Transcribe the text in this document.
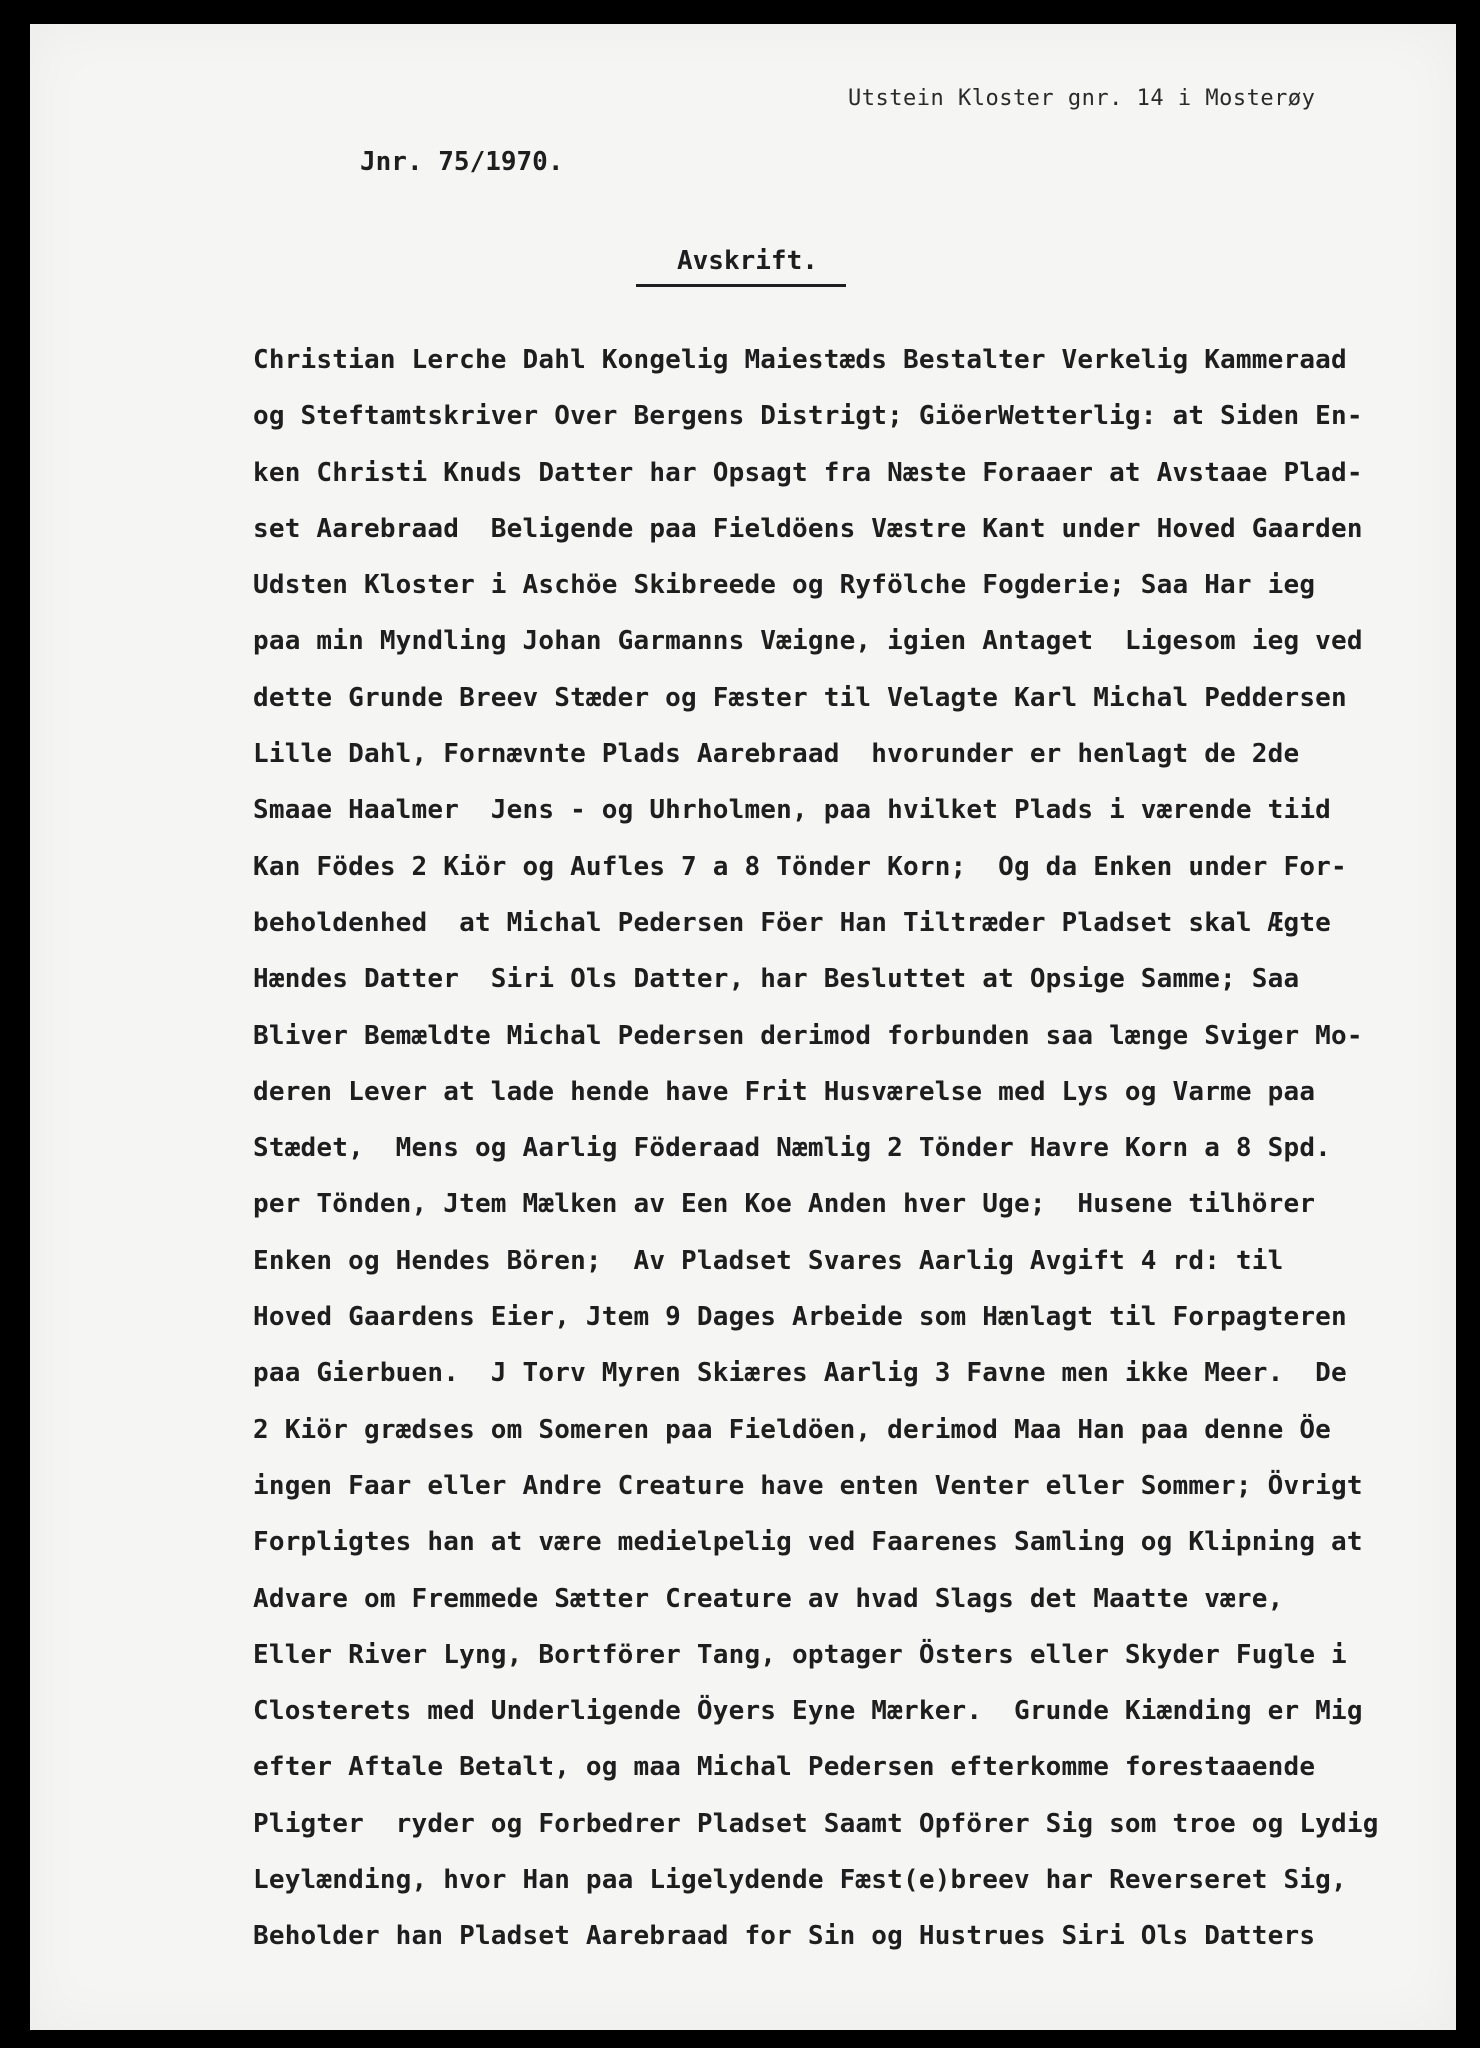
Utstein Kloster gnr. 14 i Mosterøy
Jnr. 75/1970.
Avskrift.
Christian Lerche Dahl Kongelig Maiestæds Bestalter Verkelig Kammeraad
og Steftamtskriver Over Bergens Distrigt; GiöerWetterlig: at Siden En-
ken Christi Knuds Datter har Opsagt fra Næste Foraaer at Avstaae Plad-
set Aarebraad  Beligende paa Fieldöens Væstre Kant under Hoved Gaarden
Udsten Kloster i Aschöe Skibreede og Ryfölche Fogderie; Saa Har ieg
paa min Myndling Johan Garmanns Væigne, igien Antaget  Ligesom ieg ved
dette Grunde Breev Stæder og Fæster til Velagte Karl Michal Peddersen
Lille Dahl, Fornævnte Plads Aarebraad  hvorunder er henlagt de 2de
Smaae Haalmer  Jens - og Uhrholmen, paa hvilket Plads i værende tiid
Kan Födes 2 Kiör og Aufles 7 a 8 Tönder Korn;  Og da Enken under For-
beholdenhed  at Michal Pedersen Föer Han Tiltræder Pladset skal Ægte
Hændes Datter  Siri Ols Datter, har Besluttet at Opsige Samme; Saa
Bliver Bemældte Michal Pedersen derimod forbunden saa længe Sviger Mo-
deren Lever at lade hende have Frit Husværelse med Lys og Varme paa
Stædet,  Mens og Aarlig Föderaad Næmlig 2 Tönder Havre Korn a 8 Spd.
per Tönden, Jtem Mælken av Een Koe Anden hver Uge;  Husene tilhörer
Enken og Hendes Bören;  Av Pladset Svares Aarlig Avgift 4 rd: til
Hoved Gaardens Eier, Jtem 9 Dages Arbeide som Hænlagt til Forpagteren
paa Gierbuen.  J Torv Myren Skiæres Aarlig 3 Favne men ikke Meer.  De
2 Kiör grædses om Someren paa Fieldöen, derimod Maa Han paa denne Öe
ingen Faar eller Andre Creature have enten Venter eller Sommer; Övrigt
Forpligtes han at være medielpelig ved Faarenes Samling og Klipning at
Advare om Fremmede Sætter Creature av hvad Slags det Maatte være,
Eller River Lyng, Bortförer Tang, optager Östers eller Skyder Fugle i
Closterets med Underligende Öyers Eyne Mærker.  Grunde Kiænding er Mig
efter Aftale Betalt, og maa Michal Pedersen efterkomme forestaaende
Pligter  ryder og Forbedrer Pladset Saamt Opförer Sig som troe og Lydig
Leylænding, hvor Han paa Ligelydende Fæst(e)breev har Reverseret Sig,
Beholder han Pladset Aarebraad for Sin og Hustrues Siri Ols Datters
